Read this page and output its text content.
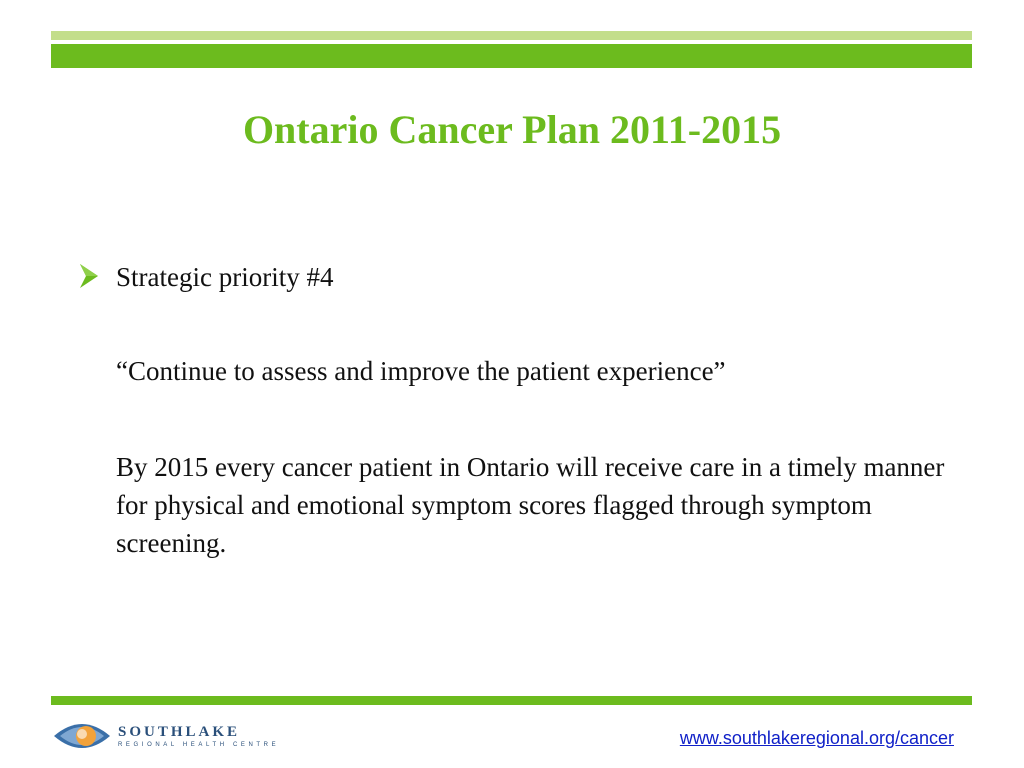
Ontario Cancer Plan 2011-2015
Strategic priority #4

“Continue to assess and improve the patient experience”

By 2015 every cancer patient in Ontario will receive care in a timely manner for physical and emotional symptom scores flagged through symptom screening.

SOUTHLAKE
REGIONAL HEALTH CENTRE	www.southlakeregional.org/cancer
